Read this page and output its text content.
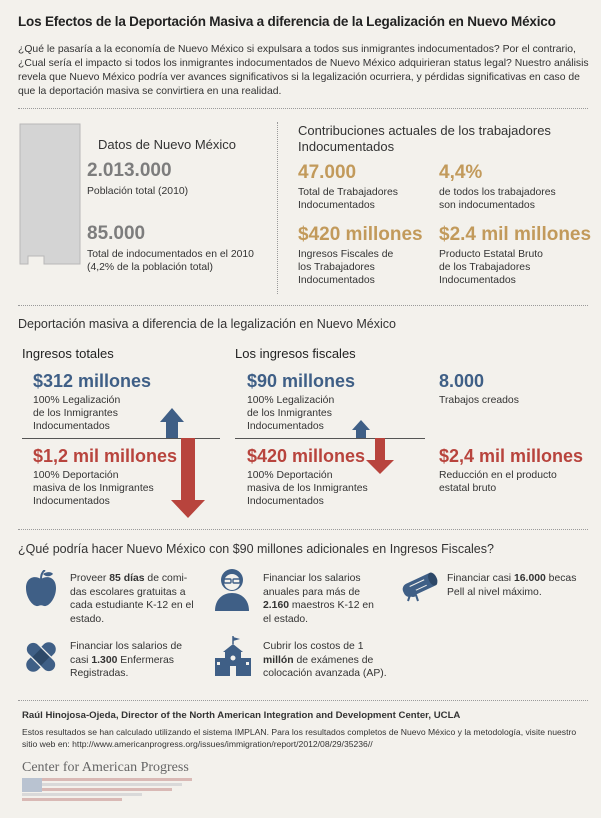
Los Efectos de la Deportación Masiva a diferencia de la Legalización en Nuevo México
¿Qué le pasaría a la economía de Nuevo México si expulsara a todos sus inmigrantes indocumentados? Por el contrario, ¿Cual sería el impacto si todos los inmigrantes indocumentados de Nuevo México adquirieran status legal? Nuestro análisis revela que Nuevo México podría ver avances significativos si la legalización ocurriera, y pérdidas significativas en caso de que la deportación masiva se convirtiera en una realidad.
Datos de Nuevo México
2.013.000
Población total (2010)
85.000
Total de indocumentados en el 2010
(4,2% de la población total)
Contribuciones actuales de los trabajadores
Indocumentados
47.000
Total de Trabajadores
Indocumentados
4,4%
de todos los trabajadores
son indocumentados
$420 millones
Ingresos Fiscales de
los Trabajadores
Indocumentados
$2.4 mil millones
Producto Estatal Bruto
de los Trabajadores
Indocumentados
Deportación masiva a diferencia de la legalización en Nuevo México
Ingresos totales
$312 millones
100% Legalización
de los Inmigrantes
Indocumentados
$1,2 mil millones
100% Deportación
masiva de los Inmigrantes
Indocumentados
Los ingresos fiscales
$90 millones
100% Legalización
de los Inmigrantes
Indocumentados
$420 millones
100% Deportación
masiva de los Inmigrantes
Indocumentados
8.000
Trabajos creados
$2,4 mil millones
Reducción en el producto
estatal bruto
¿Qué podría hacer Nuevo México con $90 millones adicionales en Ingresos Fiscales?
Proveer 85 días de comi-
das escolares gratuitas a
cada estudiante K-12 en el
estado.
Financiar los salarios
anuales para más de
2.160 maestros K-12 en
el estado.
Financiar casi 16.000 becas
Pell al nivel máximo.
Financiar los salarios de
casi 1.300 Enfermeras
Registradas.
Cubrir los costos de 1
millón de exámenes de
colocación avanzada (AP).
Raúl Hinojosa-Ojeda, Director of the North American Integration and Development Center, UCLA
Estos resultados se han calculado utilizando el sistema IMPLAN. Para los resultados completos de Nuevo México y la metodología, visite nuestro
sitio web en: http://www.americanprogress.org/issues/immigration/report/2012/08/29/35236//
Center for American Progress
